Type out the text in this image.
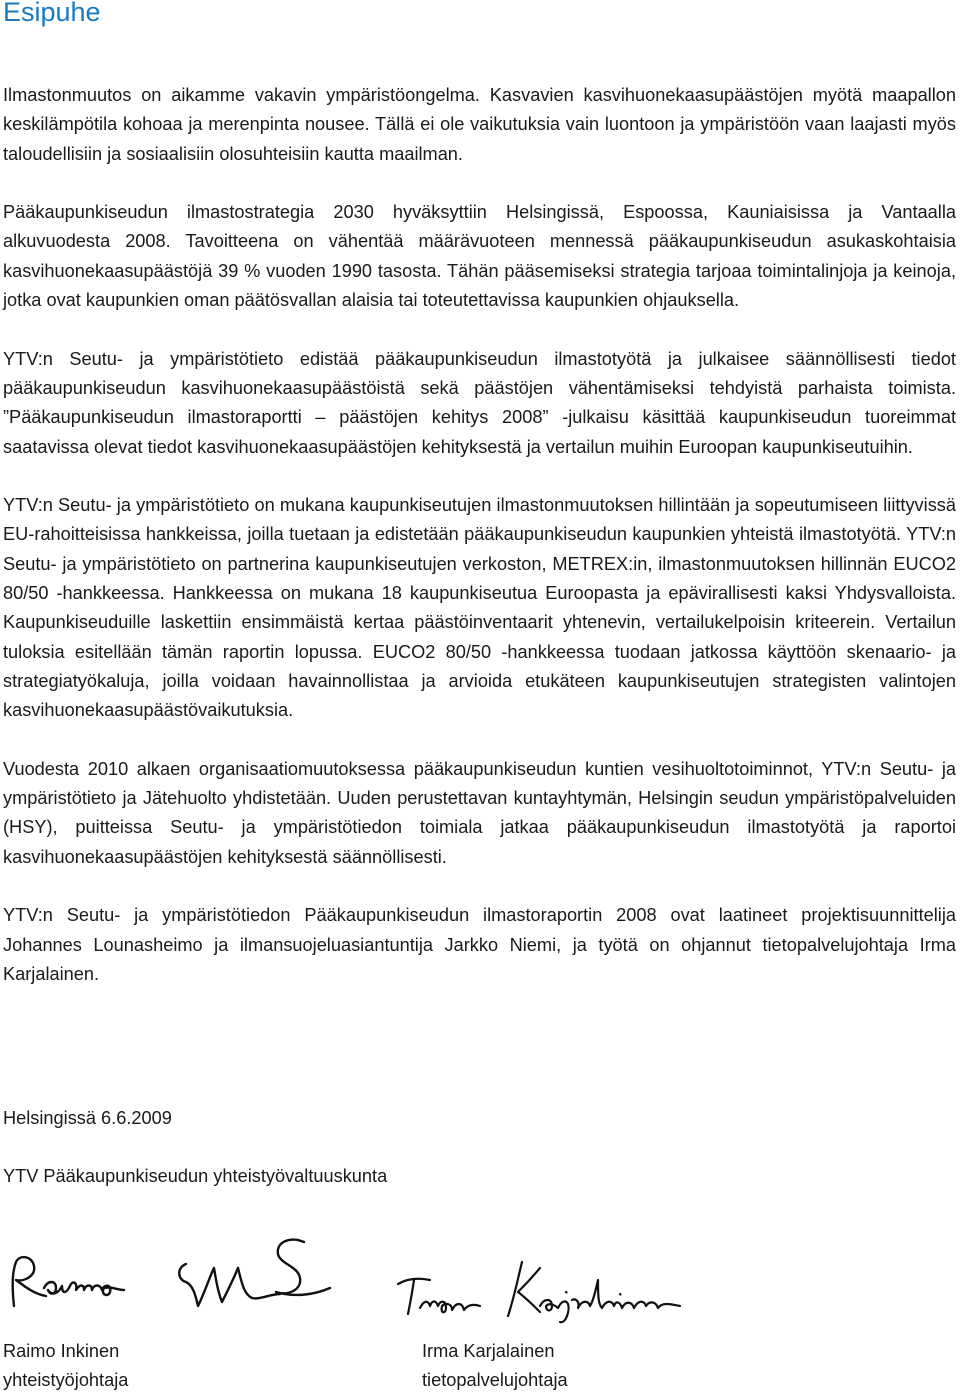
Esipuhe

Ilmastonmuutos on aikamme vakavin ympäristöongelma. Kasvavien kasvihuonekaasupäästöjen myötä maapallon keskilämpötila kohoaa ja merenpinta nousee. Tällä ei ole vaikutuksia vain luontoon ja ympäristöön vaan laajasti myös taloudellisiin ja sosiaalisiin olosuhteisiin kautta maailman.

Pääkaupunkiseudun ilmastostrategia 2030 hyväksyttiin Helsingissä, Espoossa, Kauniaisissa ja Vantaalla alkuvuodesta 2008. Tavoitteena on vähentää määrävuoteen mennessä pääkaupunkiseudun asukaskohtaisia kasvihuonekaasupäästöjä 39 % vuoden 1990 tasosta. Tähän pääsemiseksi strategia tarjoaa toimintalinjoja ja keinoja, jotka ovat kaupunkien oman päätösvallan alaisia tai toteutettavissa kaupunkien ohjauksella.

YTV:n Seutu- ja ympäristötieto edistää pääkaupunkiseudun ilmastotyötä ja julkaisee säännöllisesti tiedot pääkaupunkiseudun kasvihuonekaasupäästöistä sekä päästöjen vähentämiseksi tehdyistä parhaista toimista. ”Pääkaupunkiseudun ilmastoraportti – päästöjen kehitys 2008” -julkaisu käsittää kaupunkiseudun tuoreimmat saatavissa olevat tiedot kasvihuonekaasupäästöjen kehityksestä ja vertailun muihin Euroopan kaupunkiseutuihin.

YTV:n Seutu- ja ympäristötieto on mukana kaupunkiseutujen ilmastonmuutoksen hillintään ja sopeutumiseen liittyvissä EU-rahoitteisissa hankkeissa, joilla tuetaan ja edistetään pääkaupunkiseudun kaupunkien yhteistä ilmastotyötä. YTV:n Seutu- ja ympäristötieto on partnerina kaupunkiseutujen verkoston, METREX:in, ilmastonmuutoksen hillinnän EUCO2 80/50 -hankkeessa. Hankkeessa on mukana 18 kaupunkiseutua Euroopasta ja epävirallisesti kaksi Yhdysvalloista. Kaupunkiseuduille laskettiin ensimmäistä kertaa päästöinventaarit yhtenevin, vertailukelpoisin kriteerein. Vertailun tuloksia esitellään tämän raportin lopussa. EUCO2 80/50 -hankkeessa tuodaan jatkossa käyttöön skenaario- ja strategiatyökaluja, joilla voidaan havainnollistaa ja arvioida etukäteen kaupunkiseutujen strategisten valintojen kasvihuonekaasupäästövaikutuksia.

Vuodesta 2010 alkaen organisaatiomuutoksessa pääkaupunkiseudun kuntien vesihuoltotoiminnot, YTV:n Seutu- ja ympäristötieto ja Jätehuolto yhdistetään. Uuden perustettavan kuntayhtymän, Helsingin seudun ympäristöpalveluiden (HSY), puitteissa Seutu- ja ympäristötiedon toimiala jatkaa pääkaupunkiseudun ilmastotyötä ja raportoi kasvihuonekaasupäästöjen kehityksestä säännöllisesti.

YTV:n Seutu- ja ympäristötiedon Pääkaupunkiseudun ilmastoraportin 2008 ovat laatineet projektisuunnittelija Johannes Lounasheimo ja ilmansuojeluasiantuntija Jarkko Niemi, ja työtä on ohjannut tietopalvelujohtaja Irma Karjalainen.

Helsingissä 6.6.2009

YTV Pääkaupunkiseudun yhteistyövaltuuskunta

Raimo Inkinen
yhteistyöjohtaja
Irma Karjalainen
tietopalvelujohtaja
